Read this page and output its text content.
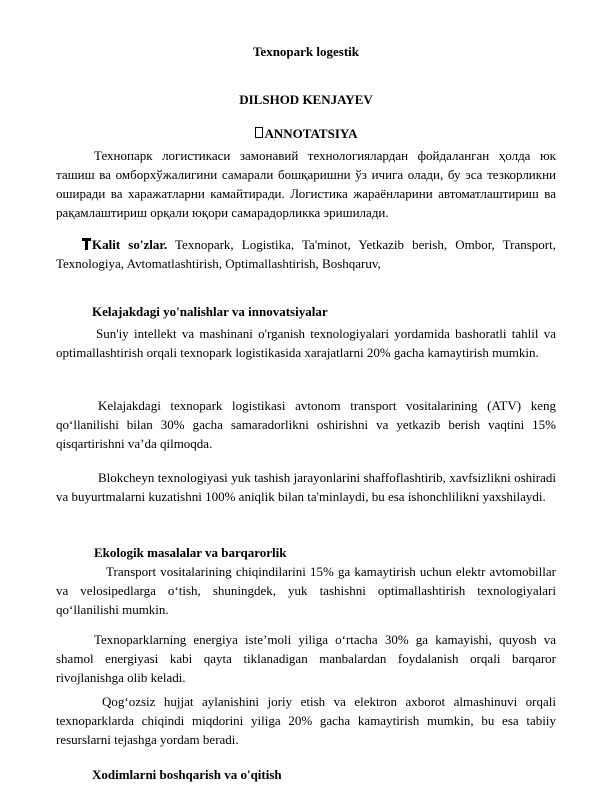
Texnopark logestik
DILSHOD KENJAYEV
ANNOTATSIYA

Технопарк логистикаси замонавий технологиялардан фойдаланган ҳолда юк ташиш ва омборхўжалигини самарали бошқаришни ўз ичига олади, бу эса тезкорликни оширади ва харажатларни камайтиради. Логистика жараёнларини автоматлаштириш ва рақамлаштириш орқали юқори самарадорликка эришилади.

Kalit so'zlar. Texnopark, Logistika, Ta'minot, Yetkazib berish, Ombor, Transport, Texnologiya, Avtomatlashtirish, Optimallashtirish, Boshqaruv,

Kelajakdagi yo'nalishlar va innovatsiyalar

Sun'iy intellekt va mashinani o'rganish texnologiyalari yordamida bashoratli tahlil va optimallashtirish orqali texnopark logistikasida xarajatlarni 20% gacha kamaytirish mumkin.

Kelajakdagi texnopark logistikasi avtonom transport vositalarining (ATV) keng qo‘llanilishi bilan 30% gacha samaradorlikni oshirishni va yetkazib berish vaqtini 15% qisqartirishni va’da qilmoqda.

Blokcheyn texnologiyasi yuk tashish jarayonlarini shaffoflashtirib, xavfsizlikni oshiradi va buyurtmalarni kuzatishni 100% aniqlik bilan ta'minlaydi, bu esa ishonchlilikni yaxshilaydi.

Ekologik masalalar va barqarorlik

Transport vositalarining chiqindilarini 15% ga kamaytirish uchun elektr avtomobillar va velosipedlarga o‘tish, shuningdek, yuk tashishni optimallashtirish texnologiyalari qo‘llanilishi mumkin.

Texnoparklarning energiya iste’moli yiliga o‘rtacha 30% ga kamayishi, quyosh va shamol energiyasi kabi qayta tiklanadigan manbalardan foydalanish orqali barqaror rivojlanishga olib keladi.

Qog‘ozsiz hujjat aylanishini joriy etish va elektron axborot almashinuvi orqali texnoparklarda chiqindi miqdorini yiliga 20% gacha kamaytirish mumkin, bu esa tabiiy resurslarni tejashga yordam beradi.

Xodimlarni boshqarish va o'qitish
